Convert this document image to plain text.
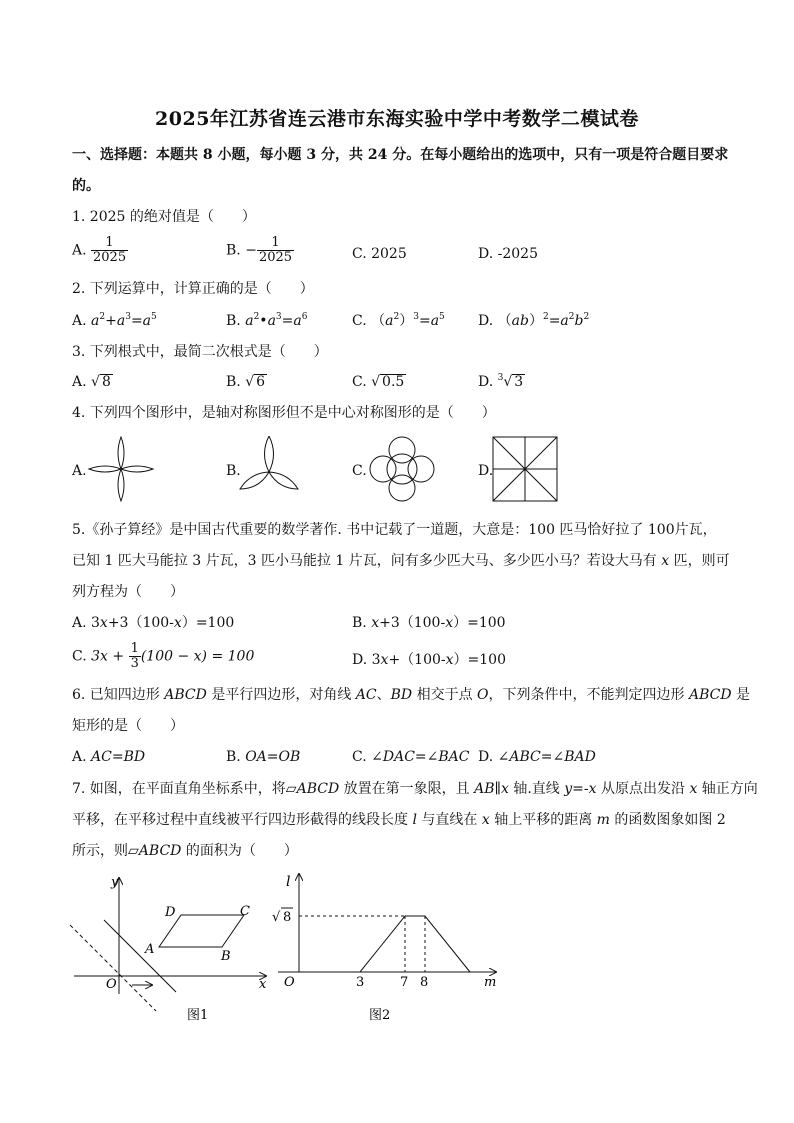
2025年江苏省连云港市东海实验中学中考数学二模试卷
一、选择题：本题共 8 小题，每小题 3 分，共 24 分。在每小题给出的选项中，只有一项是符合题目要求
的。
1. 2025 的绝对值是（　　）
A. $\frac{1}{2025}$	B. − $\frac{1}{2025}$	C. 2025	D. -2025
2. 下列运算中，计算正确的是（　　）
A. $a^2+a^3=a^5$	B. $a^2•a^3=a^6$	C. $(a^2)^3=a^5$ D. $(ab)^2=a^2b^2$
3. 下列根式中，最简二次根式是（　　）
A. √ 8	B. √ 6	C. √ 0.5	D. $^3$√ 3
4. 下列四个图形中，是轴对称图形但不是中心对称图形的是（　　）
A.	B.	C.	D.
5.《孙子算经》是中国古代重要的数学著作. 书中记载了一道题，大意是：100 匹马恰好拉了 100片瓦，
已知 1 匹大马能拉 3 片瓦，3 匹小马能拉 1 片瓦，问有多少匹大马、多少匹小马？若设大马有 x 匹，则可
列方程为（　　）
A. 3x+3（100-x）=100	B. x+3（100-x）=100
C. $3x + \frac{1}{3} (100 - x) = 100$	D. 3x+（100-x）=100
6. 已知四边形 ABCD 是平行四边形，对角线 AC、BD 相交于点 O，下列条件中，不能判定四边形 ABCD 是
矩形的是（　　）
A. AC=BD	B. OA=OB	C. ∠DAC=∠BAC D. ∠ABC=∠BAD
7. 如图，在平面直角坐标系中，将▱ABCD 放置在第一象限，且 AB∥x 轴.直线 y=-x 从原点出发沿 x 轴正方向
平移，在平移过程中直线被平行四边形截得的线段长度 l 与直线在 x 轴上平移的距离 m 的函数图象如图 2
所示，则▱ABCD 的面积为（　　）
y
x
O
A	B
C
D
图1
l
m
O	3	7 8
√ 8
图2
